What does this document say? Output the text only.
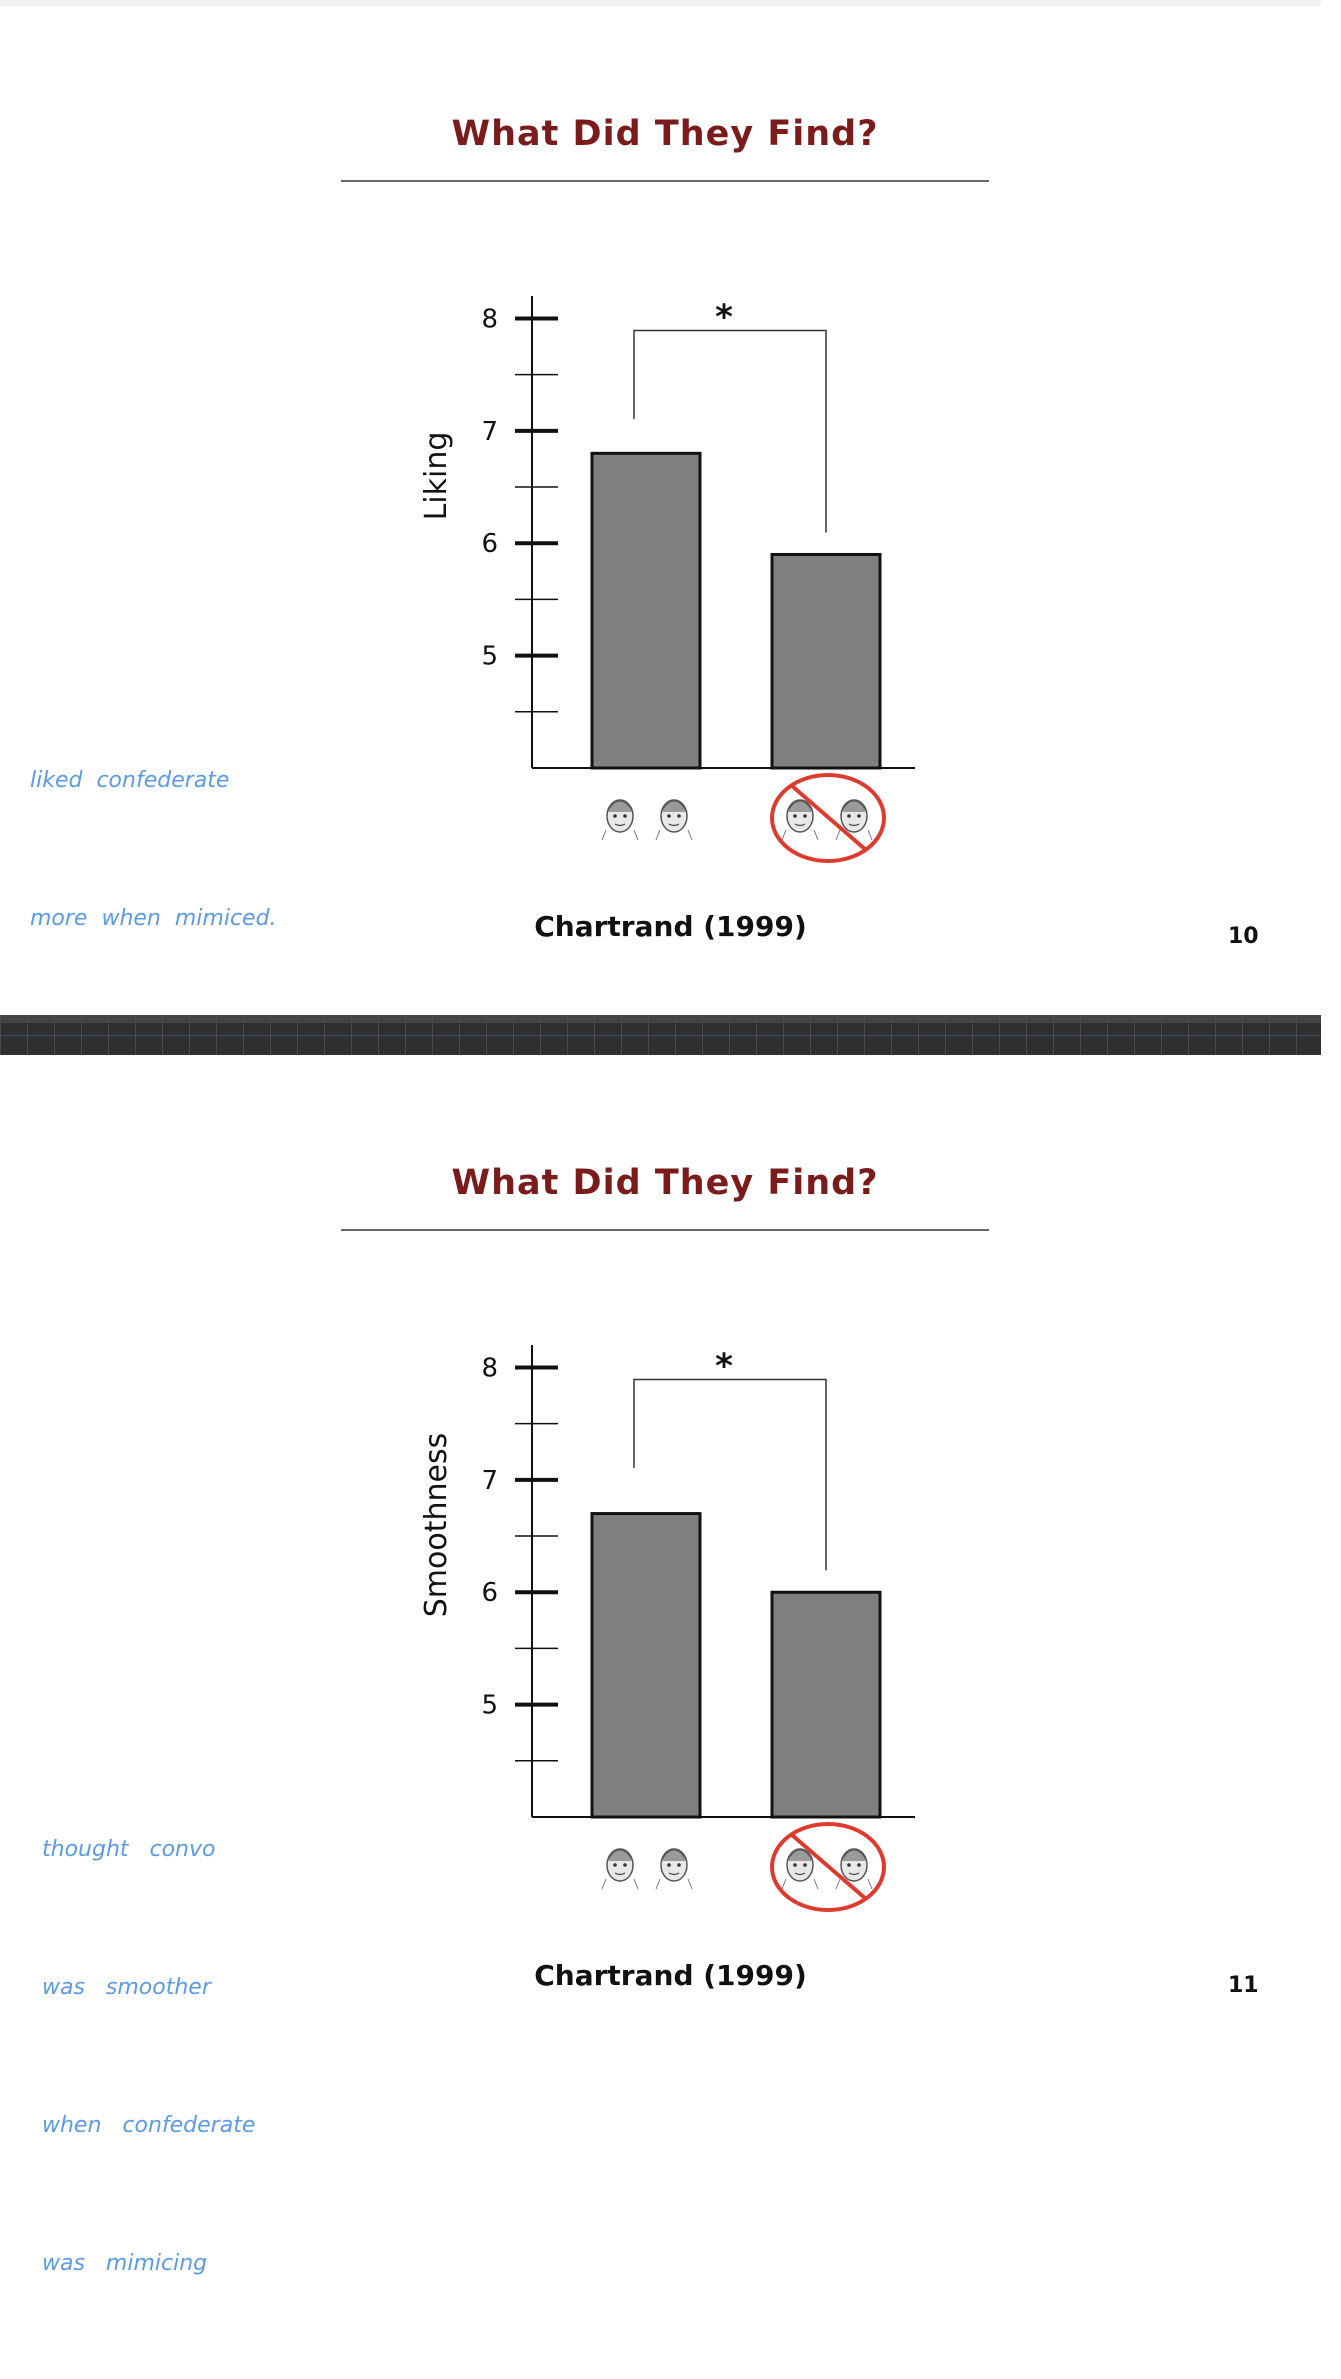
What Did They Find?
Liking
5
6
7
8	*

liked  confederate

more  when  mimiced.

	Chartrand (1999)	10
What Did They Find?
Smoothness
5
6
7
8	*

thought   convo

was   smoother

when   confederate

was   mimicing

Chartrand (1999)	11
